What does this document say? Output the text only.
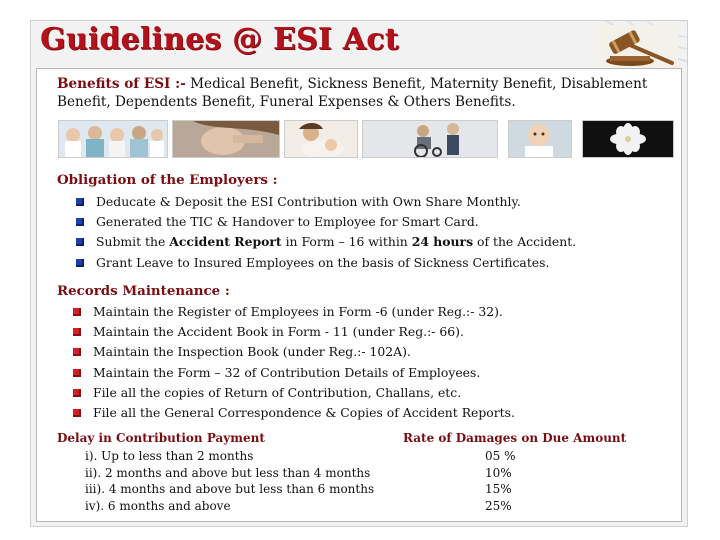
Guidelines @ ESI Act
Benefits of ESI :- Medical Benefit, Sickness Benefit, Maternity Benefit, Disablement Benefit, Dependents Benefit, Funeral Expenses & Others Benefits.
Obligation of the Employers :
Deducate & Deposit the ESI Contribution with Own Share Monthly.
Generated the TIC & Handover to Employee for Smart Card.
Submit the Accident Report in Form – 16 within 24 hours of the Accident.
Grant Leave to Insured Employees on the basis of Sickness Certificates.
Records Maintenance :
Maintain the Register of Employees in Form -6 (under Reg.:- 32).
Maintain the Accident Book in Form - 11 (under Reg.:- 66).
Maintain the Inspection Book (under Reg.:- 102A).
Maintain the Form – 32 of Contribution Details of Employees.
File all the copies of Return of Contribution, Challans, etc.
File all the General Correspondence & Copies of Accident Reports.
Delay in Contribution Payment	Rate of Damages on Due Amount
i). Up to less than 2 months	05 %
ii). 2 months and above but less than 4 months	10%
iii). 4 months and above but less than 6 months	15%
iv). 6 months and above	25%
